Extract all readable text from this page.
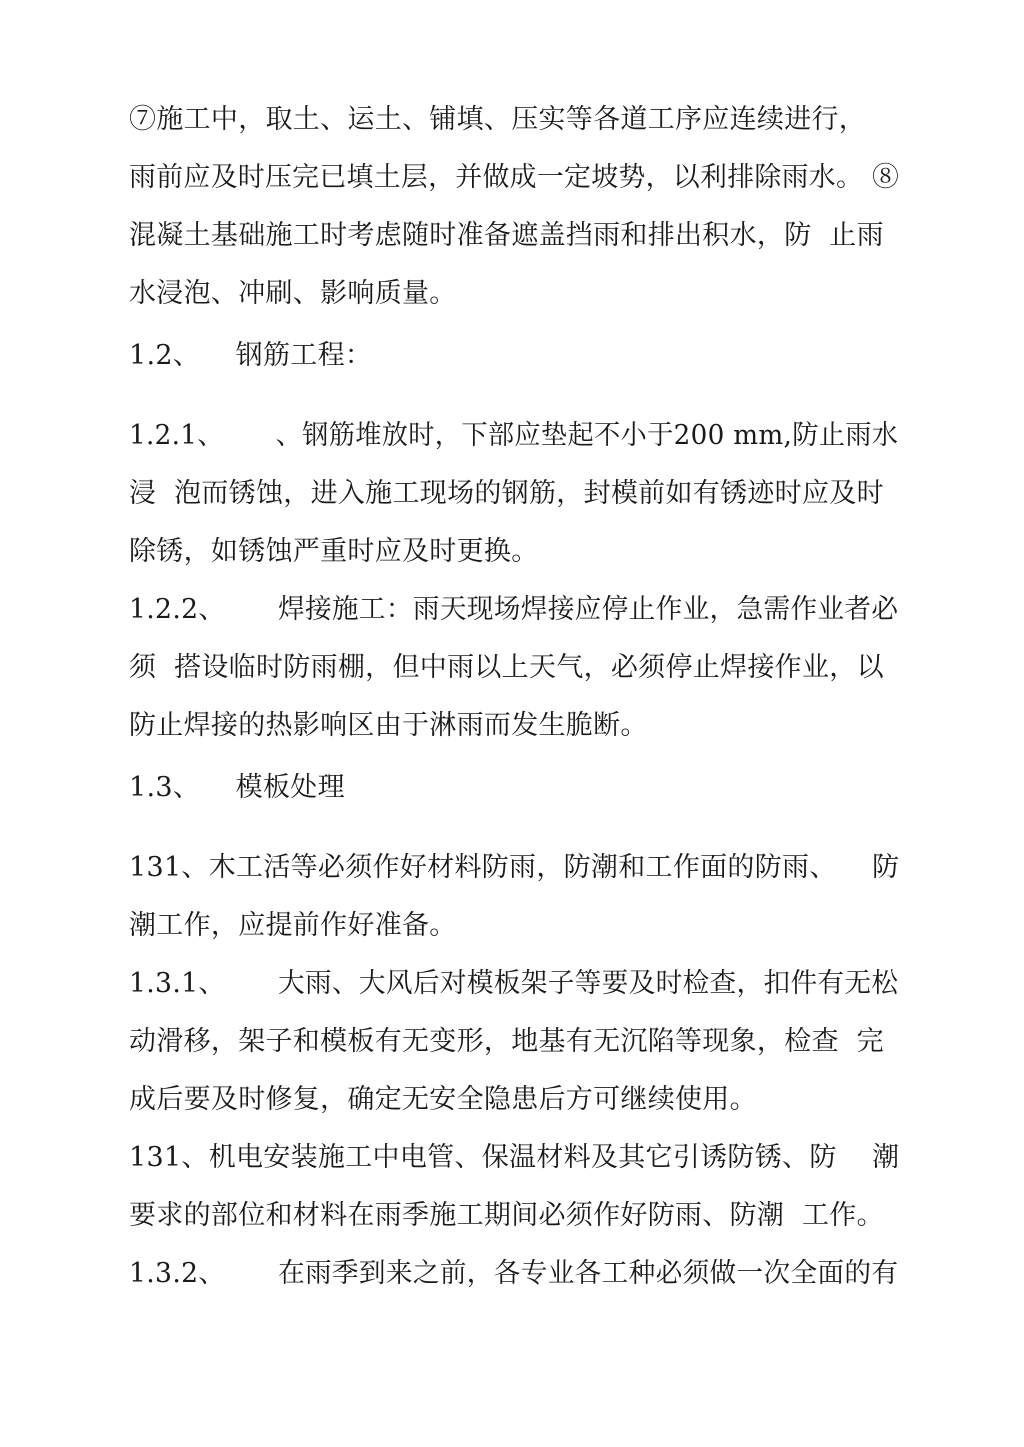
⑦施工中，取土、运土、铺填、压实等各道工序应连续进行，
雨前应及时压完已填土层，并做成一定坡势，以利排除雨水。 ⑧
混凝土基础施工时考虑随时准备遮盖挡雨和排出积水，防  止雨
水浸泡、冲刷、影响质量。
1.2、    钢筋工程：
1.2.1、      、钢筋堆放时，下部应垫起不小于200 mm,防止雨水
浸  泡而锈蚀，进入施工现场的钢筋，封模前如有锈迹时应及时
除锈，如锈蚀严重时应及时更换。
1.2.2、      焊接施工：雨天现场焊接应停止作业，急需作业者必
须  搭设临时防雨棚，但中雨以上天气，必须停止焊接作业，以
防止焊接的热影响区由于淋雨而发生脆断。
1.3、    模板处理
131、木工活等必须作好材料防雨，防潮和工作面的防雨、    防
潮工作，应提前作好准备。
1.3.1、      大雨、大风后对模板架子等要及时检查，扣件有无松
动滑移，架子和模板有无变形，地基有无沉陷等现象，检查  完
成后要及时修复，确定无安全隐患后方可继续使用。
131、机电安装施工中电管、保温材料及其它引诱防锈、防    潮
要求的部位和材料在雨季施工期间必须作好防雨、防潮  工作。
1.3.2、      在雨季到来之前，各专业各工种必须做一次全面的有
